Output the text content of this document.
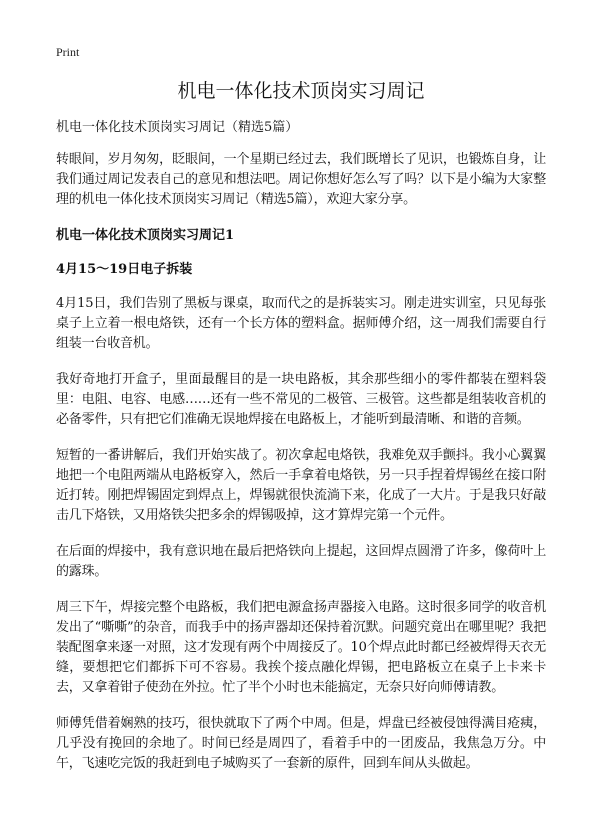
Print
机电一体化技术顶岗实习周记
机电一体化技术顶岗实习周记（精选5篇）

转眼间，岁月匆匆，眨眼间，一个星期已经过去，我们既增长了见识，也锻炼自身，让我们通过周记发表自己的意见和想法吧。周记你想好怎么写了吗？以下是小编为大家整理的机电一体化技术顶岗实习周记（精选5篇），欢迎大家分享。

机电一体化技术顶岗实习周记1
4月15～19日电子拆装

4月15日，我们告别了黑板与课桌，取而代之的是拆装实习。刚走进实训室，只见每张桌子上立着一根电烙铁，还有一个长方体的塑料盒。据师傅介绍，这一周我们需要自行组装一台收音机。

我好奇地打开盒子，里面最醒目的是一块电路板，其余那些细小的零件都装在塑料袋里：电阻、电容、电感……还有一些不常见的二极管、三极管。这些都是组装收音机的必备零件，只有把它们准确无误地焊接在电路板上，才能听到最清晰、和谐的音频。

短暂的一番讲解后，我们开始实战了。初次拿起电烙铁，我难免双手颤抖。我小心翼翼地把一个电阻两端从电路板穿入，然后一手拿着电烙铁，另一只手捏着焊锡丝在接口附近打转。刚把焊锡固定到焊点上，焊锡就很快流淌下来，化成了一大片。于是我只好敲击几下烙铁，又用烙铁尖把多余的焊锡吸掉，这才算焊完第一个元件。

在后面的焊接中，我有意识地在最后把烙铁向上提起，这回焊点圆滑了许多，像荷叶上的露珠。

周三下午，焊接完整个电路板，我们把电源盒扬声器接入电路。这时很多同学的收音机发出了“嘶嘶”的杂音，而我手中的扬声器却还保持着沉默。问题究竟出在哪里呢？我把装配图拿来逐一对照，这才发现有两个中周接反了。10个焊点此时都已经被焊得天衣无缝，要想把它们都拆下可不容易。我挨个接点融化焊锡，把电路板立在桌子上卡来卡去，又拿着钳子使劲在外拉。忙了半个小时也未能搞定，无奈只好向师傅请教。

师傅凭借着娴熟的技巧，很快就取下了两个中周。但是，焊盘已经被侵蚀得满目疮痍，几乎没有挽回的余地了。时间已经是周四了，看着手中的一团废品，我焦急万分。中午，飞速吃完饭的我赶到电子城购买了一套新的原件，回到车间从头做起。
